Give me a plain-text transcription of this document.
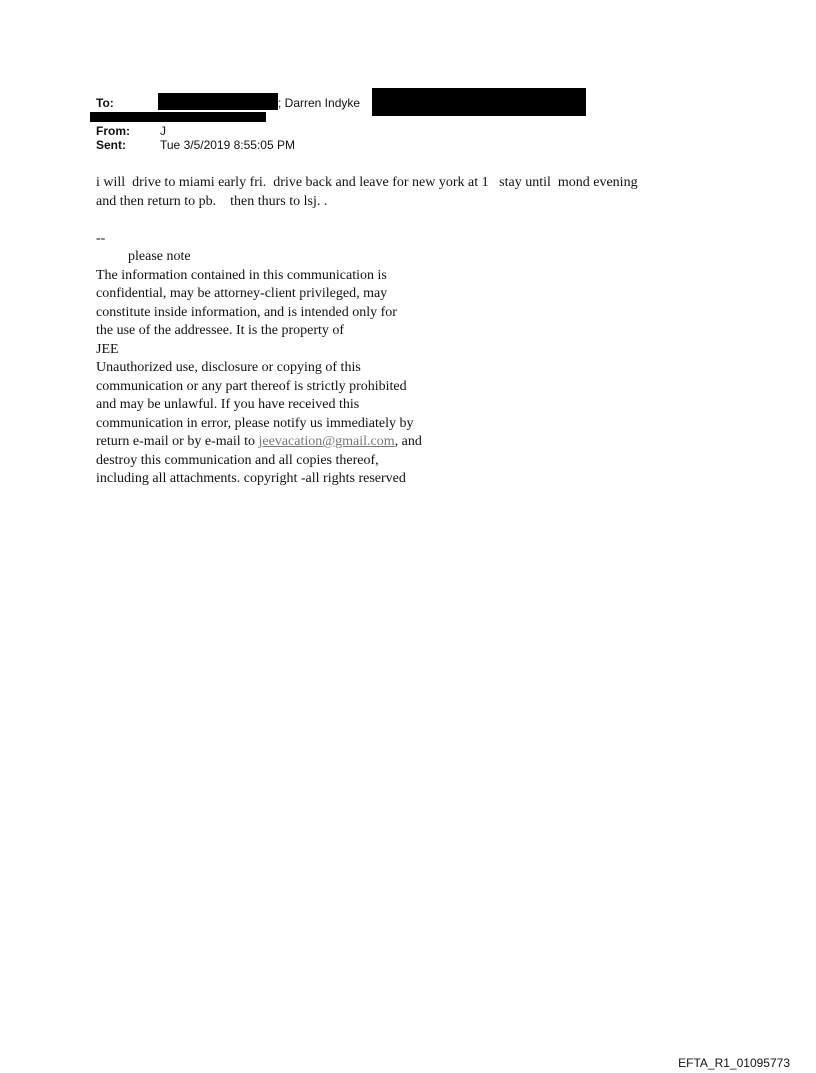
To:	; Darren Indyke
From:	J
Sent:	Tue 3/5/2019 8:55:05 PM
i will  drive to miami early fri.  drive back and leave for new york at 1   stay until  mond evening
and then return to pb.    then thurs to lsj. .

--
please note
The information contained in this communication is
confidential, may be attorney-client privileged, may
constitute inside information, and is intended only for
the use of the addressee. It is the property of
JEE
Unauthorized use, disclosure or copying of this
communication or any part thereof is strictly prohibited
and may be unlawful. If you have received this
communication in error, please notify us immediately by
return e-mail or by e-mail to jeevacation@gmail.com, and
destroy this communication and all copies thereof,
including all attachments. copyright -all rights reserved
EFTA_R1_01095773
